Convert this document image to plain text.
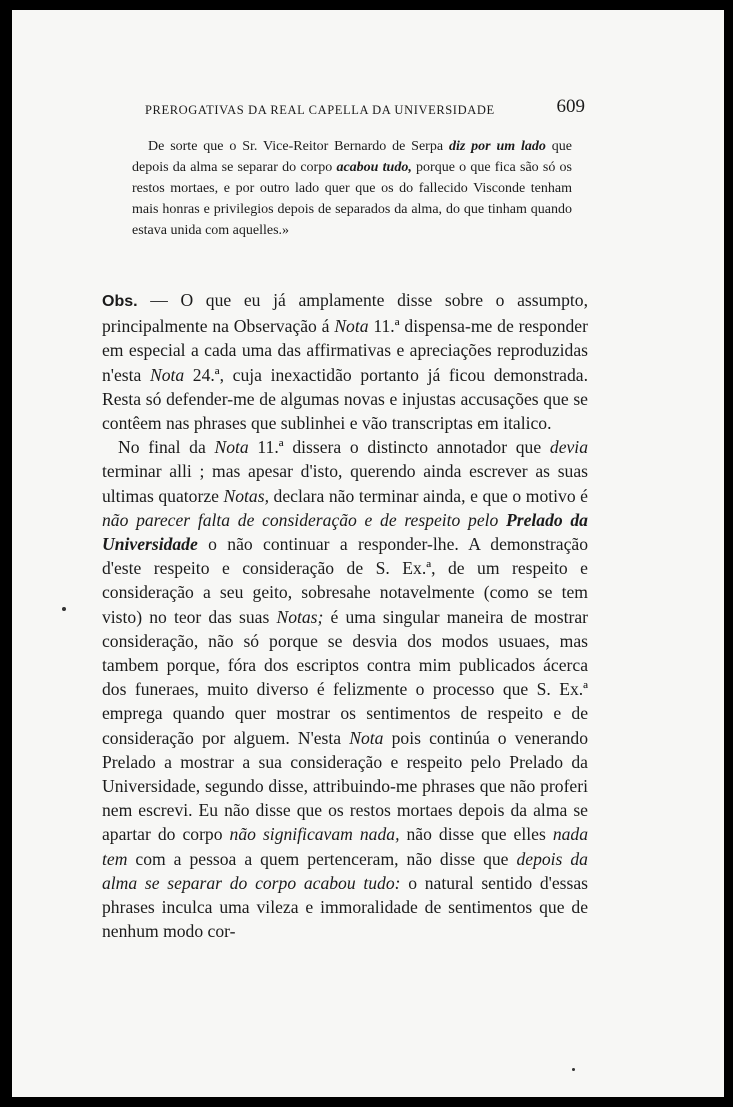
PREROGATIVAS DA REAL CAPELLA DA UNIVERSIDADE	609

De sorte que o Sr. Vice-Reitor Bernardo de Serpa diz por um lado que depois da alma se separar do corpo acabou tudo, porque o que fica são só os restos mortaes, e por outro lado quer que os do fallecido Visconde tenham mais honras e privilegios depois de separados da alma, do que tinham quando estava unida com aquelles.»

Obs. — O que eu já amplamente disse sobre o assumpto, principalmente na Observação á Nota 11.ª dispensa-me de responder em especial a cada uma das affirmativas e apreciações reproduzidas n'esta Nota 24.ª, cuja inexactidão portanto já ficou demonstrada. Resta só defender-me de algumas novas e injustas accusações que se contêem nas phrases que sublinhei e vão transcriptas em italico.

No final da Nota 11.ª dissera o distincto annotador que devia terminar alli ; mas apesar d'isto, querendo ainda escrever as suas ultimas quatorze Notas, declara não terminar ainda, e que o motivo é não parecer falta de consideração e de respeito pelo Prelado da Universidade o não continuar a responder-lhe. A demonstração d'este respeito e consideração de S. Ex.ª, de um respeito e consideração a seu geito, sobresahe notavelmente (como se tem visto) no teor das suas Notas; é uma singular maneira de mostrar consideração, não só porque se desvia dos modos usuaes, mas tambem porque, fóra dos escriptos contra mim publicados ácerca dos funeraes, muito diverso é felizmente o processo que S. Ex.ª emprega quando quer mostrar os sentimentos de respeito e de consideração por alguem. N'esta Nota pois continúa o venerando Prelado a mostrar a sua consideração e respeito pelo Prelado da Universidade, segundo disse, attribuindo-me phrases que não proferi nem escrevi. Eu não disse que os restos mortaes depois da alma se apartar do corpo não significavam nada, não disse que elles nada tem com a pessoa a quem pertenceram, não disse que depois da alma se separar do corpo acabou tudo: o natural sentido d'essas phrases inculca uma vileza e immoralidade de sentimentos que de nenhum modo cor-
